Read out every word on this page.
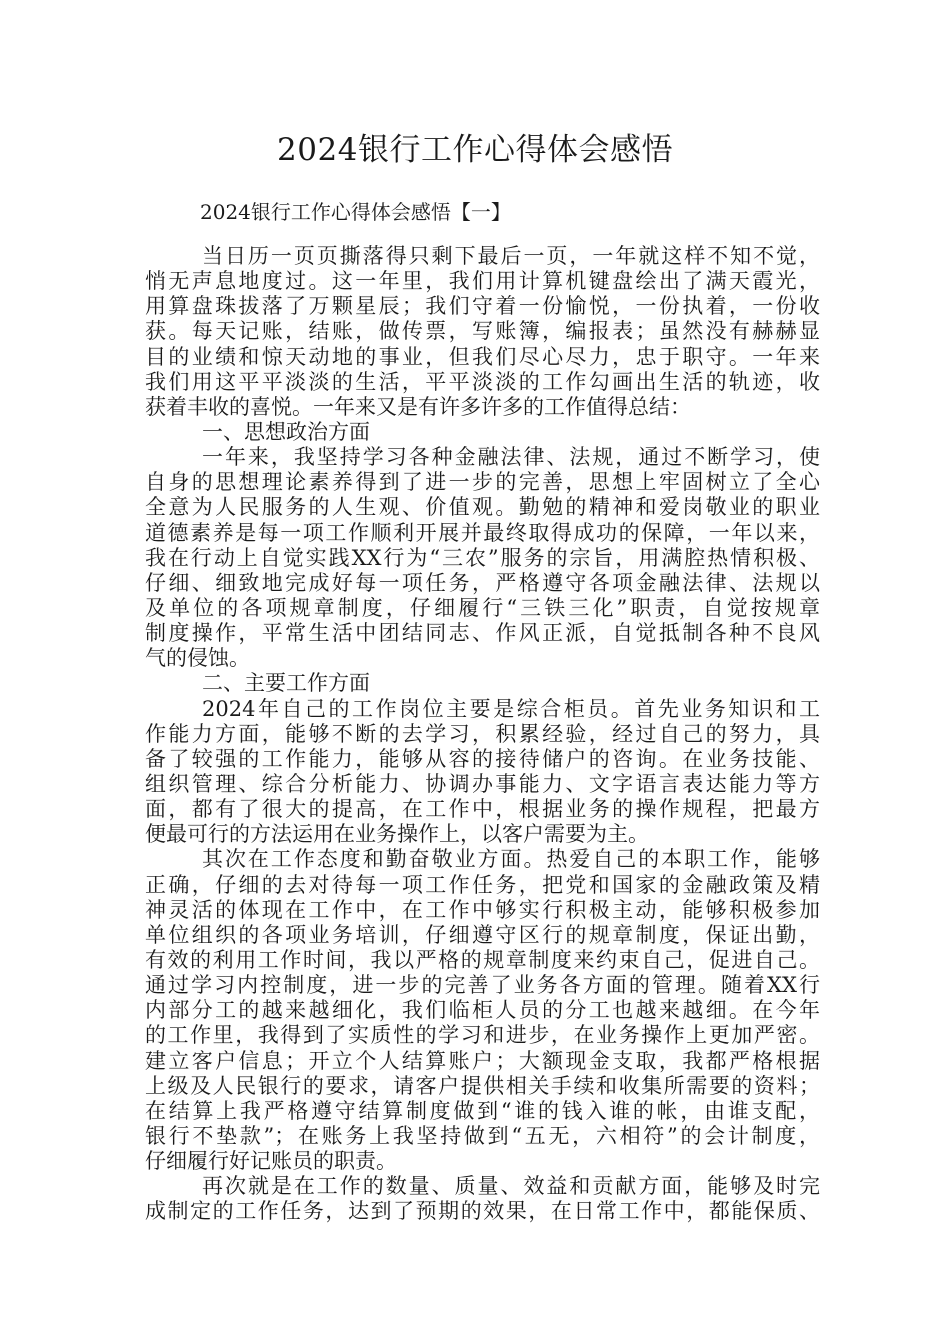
2024银行工作心得体会感悟
2024银行工作心得体会感悟【一】
当日历一页页撕落得只剩下最后一页，一年就这样不知不觉，
悄无声息地度过。这一年里，我们用计算机键盘绘出了满天霞光，
用算盘珠拔落了万颗星辰；我们守着一份愉悦，一份执着，一份收
获。每天记账，结账，做传票，写账簿，编报表；虽然没有赫赫显
目的业绩和惊天动地的事业，但我们尽心尽力，忠于职守。一年来
我们用这平平淡淡的生活，平平淡淡的工作勾画出生活的轨迹，收
获着丰收的喜悦。一年来又是有许多许多的工作值得总结：
一、思想政治方面
一年来，我坚持学习各种金融法律、法规，通过不断学习，使
自身的思想理论素养得到了进一步的完善，思想上牢固树立了全心
全意为人民服务的人生观、价值观。勤勉的精神和爱岗敬业的职业
道德素养是每一项工作顺利开展并最终取得成功的保障，一年以来，
我在行动上自觉实践XX行为“三农”服务的宗旨，用满腔热情积极、
仔细、细致地完成好每一项任务，严格遵守各项金融法律、法规以
及单位的各项规章制度，仔细履行“三铁三化”职责，自觉按规章
制度操作，平常生活中团结同志、作风正派，自觉抵制各种不良风
气的侵蚀。
二、主要工作方面
2024年自己的工作岗位主要是综合柜员。首先业务知识和工
作能力方面，能够不断的去学习，积累经验，经过自己的努力，具
备了较强的工作能力，能够从容的接待储户的咨询。在业务技能、
组织管理、综合分析能力、协调办事能力、文字语言表达能力等方
面，都有了很大的提高，在工作中，根据业务的操作规程，把最方
便最可行的方法运用在业务操作上，以客户需要为主。
其次在工作态度和勤奋敬业方面。热爱自己的本职工作，能够
正确，仔细的去对待每一项工作任务，把党和国家的金融政策及精
神灵活的体现在工作中，在工作中够实行积极主动，能够积极参加
单位组织的各项业务培训，仔细遵守区行的规章制度，保证出勤，
有效的利用工作时间，我以严格的规章制度来约束自己，促进自己。
通过学习内控制度，进一步的完善了业务各方面的管理。随着XX行
内部分工的越来越细化，我们临柜人员的分工也越来越细。在今年
的工作里，我得到了实质性的学习和进步，在业务操作上更加严密。
建立客户信息；开立个人结算账户；大额现金支取，我都严格根据
上级及人民银行的要求，请客户提供相关手续和收集所需要的资料；
在结算上我严格遵守结算制度做到“谁的钱入谁的帐，由谁支配，
银行不垫款”；在账务上我坚持做到“五无，六相符”的会计制度，
仔细履行好记账员的职责。
再次就是在工作的数量、质量、效益和贡献方面，能够及时完
成制定的工作任务，达到了预期的效果，在日常工作中，都能保质、
